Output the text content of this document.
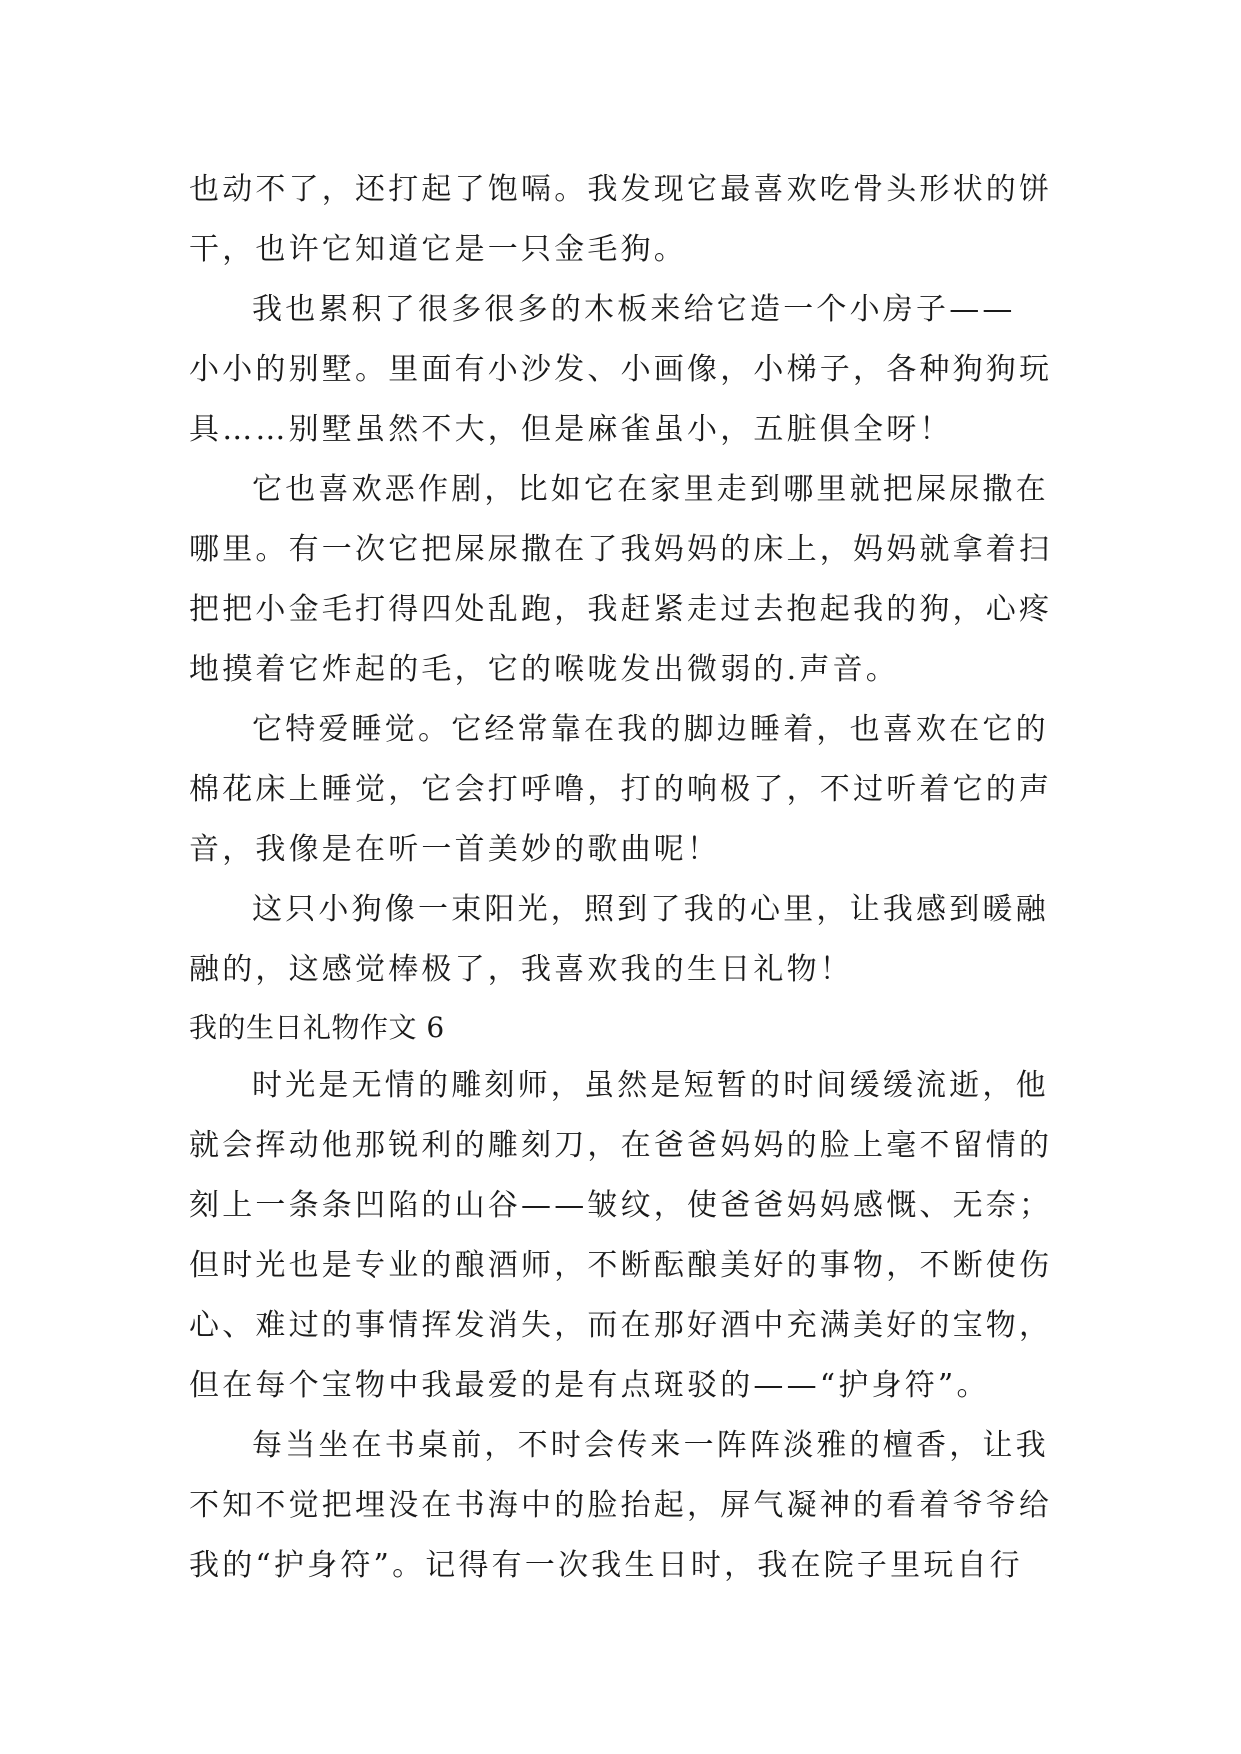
也动不了，还打起了饱嗝。我发现它最喜欢吃骨头形状的饼
干，也许它知道它是一只金毛狗。
我也累积了很多很多的木板来给它造一个小房子——
小小的别墅。里面有小沙发、小画像，小梯子，各种狗狗玩
具……别墅虽然不大，但是麻雀虽小，五脏俱全呀！
它也喜欢恶作剧，比如它在家里走到哪里就把屎尿撒在
哪里。有一次它把屎尿撒在了我妈妈的床上，妈妈就拿着扫
把把小金毛打得四处乱跑，我赶紧走过去抱起我的狗，心疼
地摸着它炸起的毛，它的喉咙发出微弱的.声音。
它特爱睡觉。它经常靠在我的脚边睡着，也喜欢在它的
棉花床上睡觉，它会打呼噜，打的响极了，不过听着它的声
音，我像是在听一首美妙的歌曲呢！
这只小狗像一束阳光，照到了我的心里，让我感到暖融
融的，这感觉棒极了，我喜欢我的生日礼物！
我的生日礼物作文 6
时光是无情的雕刻师，虽然是短暂的时间缓缓流逝，他
就会挥动他那锐利的雕刻刀，在爸爸妈妈的脸上毫不留情的
刻上一条条凹陷的山谷——皱纹，使爸爸妈妈感慨、无奈；
但时光也是专业的酿酒师，不断酝酿美好的事物，不断使伤
心、难过的事情挥发消失，而在那好酒中充满美好的宝物，
但在每个宝物中我最爱的是有点斑驳的——“护身符”。
每当坐在书桌前，不时会传来一阵阵淡雅的檀香，让我
不知不觉把埋没在书海中的脸抬起，屏气凝神的看着爷爷给
我的“护身符”。记得有一次我生日时，我在院子里玩自行
